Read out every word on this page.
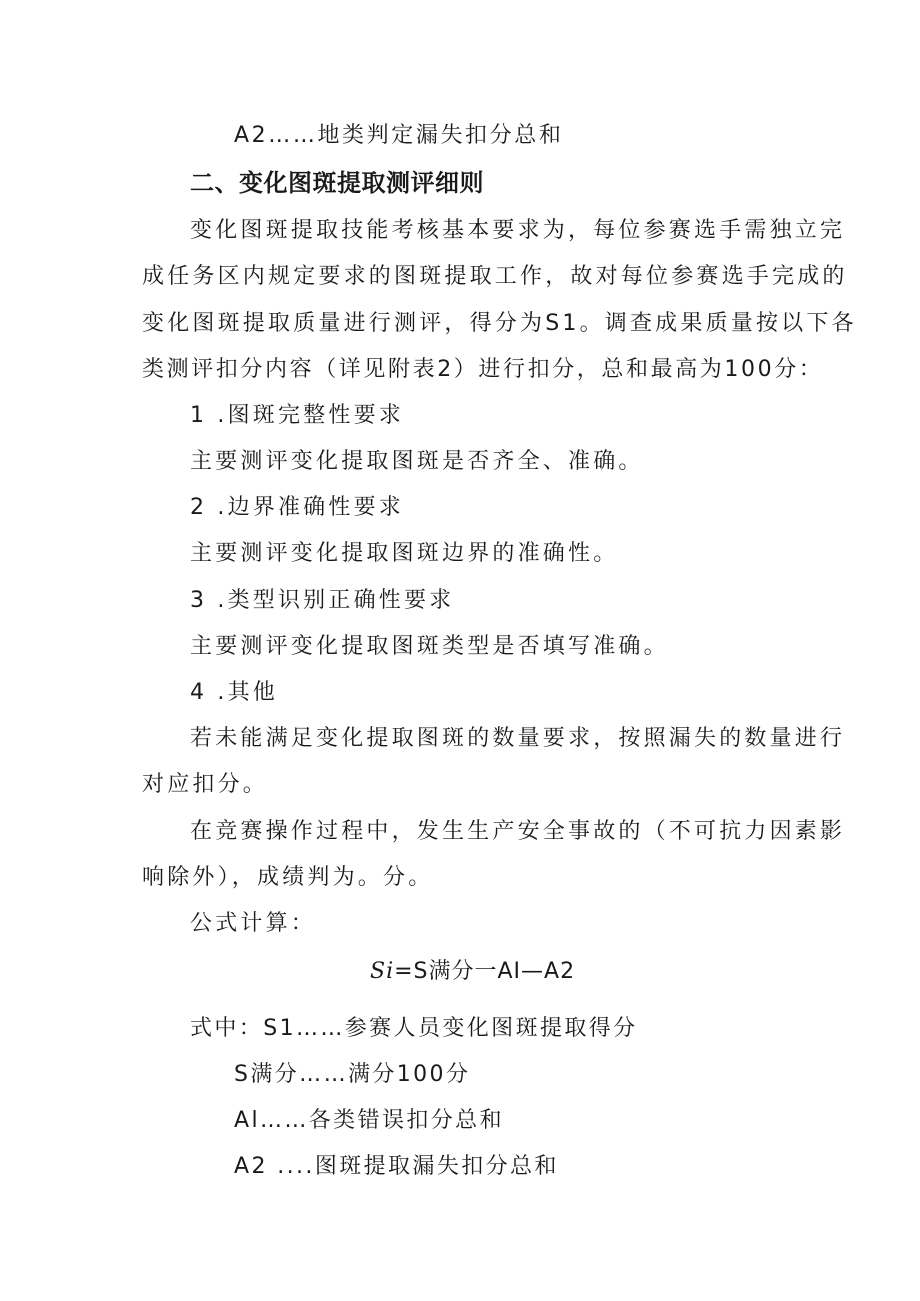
A2……地类判定漏失扣分总和
二、变化图斑提取测评细则
变化图斑提取技能考核基本要求为，每位参赛选手需独立完
成任务区内规定要求的图斑提取工作，故对每位参赛选手完成的
变化图斑提取质量进行测评，得分为S1。调查成果质量按以下各
类测评扣分内容（详见附表2）进行扣分，总和最高为100分：
1 .图斑完整性要求
主要测评变化提取图斑是否齐全、准确。
2 .边界准确性要求
主要测评变化提取图斑边界的准确性。
3 .类型识别正确性要求
主要测评变化提取图斑类型是否填写准确。
4 .其他
若未能满足变化提取图斑的数量要求，按照漏失的数量进行
对应扣分。
在竞赛操作过程中，发生生产安全事故的（不可抗力因素影
响除外），成绩判为。分。
公式计算：
Si=S满分一AI—A2
式中：S1……参赛人员变化图斑提取得分
S满分……满分100分
Al……各类错误扣分总和
A2 ....图斑提取漏失扣分总和
